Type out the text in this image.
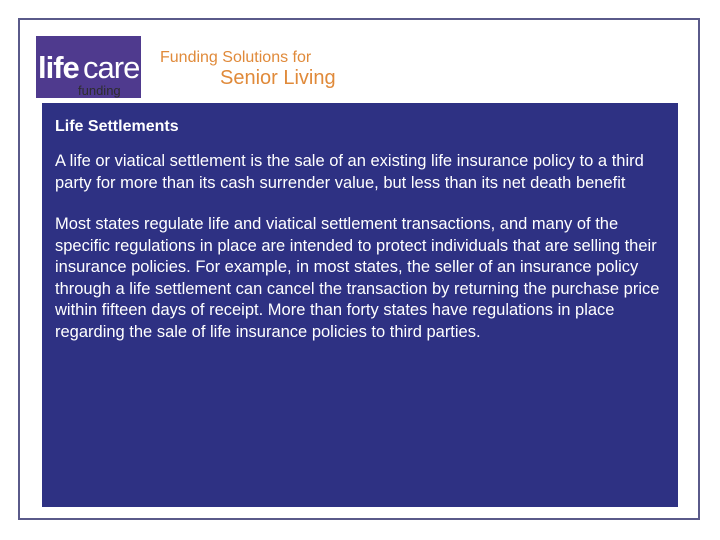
life care
funding
Funding Solutions for
Senior Living
Life Settlements

A life or viatical settlement is the sale of an existing life insurance policy to a third party for more than its cash surrender value, but less than its net death benefit

Most states regulate life and viatical settlement transactions, and many of the specific regulations in place are intended to protect individuals that are selling their insurance policies. For example, in most states, the seller of an insurance policy through a life settlement can cancel the transaction by returning the purchase price within fifteen days of receipt. More than forty states have regulations in place regarding the sale of life insurance policies to third parties.
